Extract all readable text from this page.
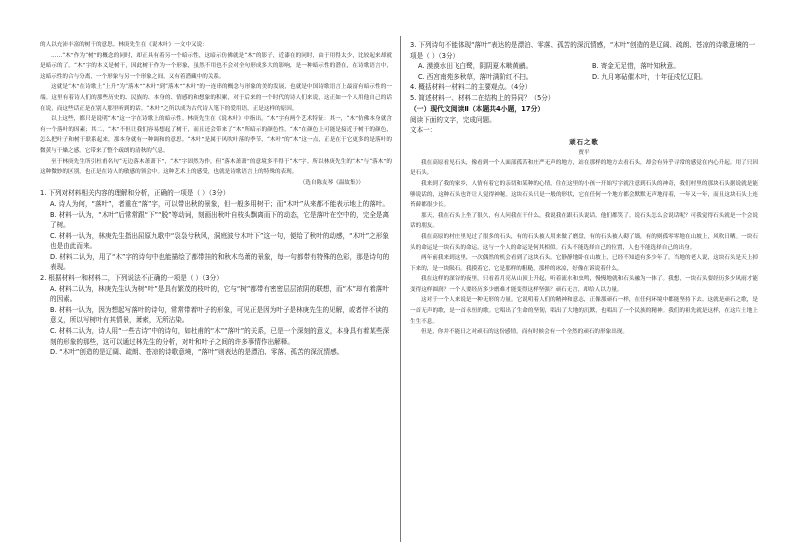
的人以充沛丰富的树干的意思。林庚先生在《说木叶》一文中又说：

……“木”作为“树”的概念的同时，却正具有着另一个暗示性，这暗示仿佛就是“木”的影子，近漆在的同时，由于用得太少，比较起来却就是暗示的了。“木”字的本义是树干，因此树干作为一个形象，虽然不用也不会对全句形成多大的影响，是一种暗示性的潜在，在诗歌语言中，这暗示性的合与分离，一个形象与另一个形象之间，又有着潜藏中的关系。

这就是“木”在诗歌上“上升”为“落木”“木叶”到“落木”“木叶”的一连串的概念与形象的美的发展，也就是中国诗歌语言上最富有暗示性的一端。这里有着诗人们的那些历史的、民族的、本身的、情感的和想象的积累，对于后来的一个时代的诗人们来说，这正如一个人用他自己的话在说，而这些话正是在别人那里听到的话。“木叶”之所以成为古代诗人笔下的爱用语，正是这样的原因。

以上这些，都只是说明“木”这一字在诗歌上的暗示性。林庚先生在《说木叶》中指出，“木”字有两个艺术特征：其一，“木”仿佛本身就含有一个落叶的因素；其二，“木”不但让我们容易想起了树干，而且还会带来了“木”所暗示的颜色性。“木”在颜色上可能是接近于树干的颜色，怎么把叶子和树干联系起来，那本身就有一种调和的意思。“木叶”是属于风吹叶落的季节，“木叶”的“木”这一点，正是在于它更多的是落叶的微黄与干燥之感，它带来了整个疏朗的清秋的气息。

至于林庚先生所引杜甫名句“无边落木萧萧下”，“木”字固然为作，但“落木萧萧”的意境多半得于“木”字。所以林庚先生的“木”与“落木”的这种微妙的区别，也正是在诗人的敏感的领会中。这种艺术上的感受，也就是诗歌语言上的特殊的表现。

（选自陈友琴《温故集》）

1. 下列对材料相关内容的理解和分析，正确的一项是（ ）（3分）

A. 诗人为何，“落叶”，者重在“落”字，可以带出秋的景象，但一般多用树干；而“木叶”从来都不能表示地上的落叶。

B. 材料一认为，“木叶”后常常跟“下”“脱”等动词，刻画出秋叶自枝头飘离而下的动态，它是落叶在空中的，完全是离了树。

C. 材料一认为，林庚先生指出屈原九歌中“袅袅兮秋风，洞庭波兮木叶下”这一句，便给了秋叶的动感，“木叶”之形象也是由此而来。

D. 材料二认为，用了“木”字的诗句中也能描绘了都带挂的和秋木鸟萧的景象，每一句都带有特殊的色彩，那是诗句的表现。

2. 根据材料一和材料二，下列说法不正确的一项是（ ）（3分）

A. 材料二认为，林庚先生认为树“叶”是具有繁茂的枝叶的，它与“树”都带有密密层层浓阴的联想，而“木”却有着落叶的因素。

B. 材料一认为，因为想起写落叶的诗句，常常带着叶子的形象，可见正是因为叶子是林庚先生的见解，或者伴不读的意义，所以写树叶有其情景，萧索，无所沾染。

C. 材料二认为，诗人用“一些古诗”中的诗句，如杜甫的“木”“落叶”的关系，已是一个深刻的意义，本身具有着某些深刻的形象的那些，这可以通过林先生的分析，对叶和叶子之间的许多事情作出解释。

D. “木叶”创造的是辽阔、疏朗、苍凉的诗歌意境，“落叶”则表达的是漂泊、零落、孤苦的深沉情感。

3. 下列诗句不能体现“落叶”表达的是漂泊、零落、孤苦的深沉情感，“木叶”创造的是辽阔、疏朗、苍凉的诗歌意境的一项是（ ）（3分）

A. 漠漠水田飞白鹭，阴阴夏木啭黄鹂。	B. 寄金无足惜，落叶知秋意。

C. 西宫南苑多秋草，落叶满阶红不扫。	D. 九月寒砧催木叶，十年征戍忆辽阳。

4. 概括材料一材料二的主要观点。（4分）

5. 简述材料一、材料二在结构上的异同？（5分）

（一）现代文阅读Ⅱ（本题共4小题，17分）

阅读下面的文字，完成问题。

文本一：

顽石之歌

贾平

我在高原看见石头，像看到一个人面部孤苦和庄严无声的地方，站在那样的地方去看石头，却会有异乎寻常的感觉在内心升起。用了只因是石头。

我来到了我的家乡，人情有着它的亲切和某种的心情，住在这里的小孩一开始写字就注意到石头的神奇，我们村里的那块石头据说就是能够说话的，这种石头也许让人觉得神秘。这块石头只是一般的形状，它在任何一个地方都会默默无声地待着，一年又一年，而且这块石头上连苔藓都很少长。

那天，我在石头上坐了很久，有人问我在干什么，我说我在跟石头说话。他们都笑了。说石头怎么会说话呢？可我觉得石头就是一个会说话的朋友。

我在高原的村庄里见过了很多的石头，有的石头被人用来做了磨盘，有的石头被人砌了墙，有的则孤零零地在山坡上，风吹日晒。一块石头的命运是一块石头的命运，这与一个人的命运是何其相似。石头不能选择自己的位置，人也不能选择自己的出身。

两年前我来到这里，一次偶然的机会看到了这块石头。它静静地卧在山坡上，已经不知道有多少年了。当地的老人说，这块石头是天上掉下来的，是一块陨石。我摸着它，它是那样的粗糙，那样的冰凉，好像在诉说着什么。

我在这样的深谷的夜里，只看着月亮从山顶上升起，听着流水和虫鸣，慢慢地就和石头融为一体了。我想，一块石头要经历多少风雨才能变得这样圆润？一个人要经历多少磨难才能变得这样坚强？顽石无言，却给人以力量。

这对于一个人来说是一种无形的力量。它说明着人们的精神和意志，正像那顽石一样，在任何环境中都能坚持下去。这就是顽石之歌，是一首无声的歌，是一首永恒的歌。它唱出了生命的坚韧，唱出了大地的沉默，也唱出了一个民族的精神。我们的祖先就是这样，在这片土地上生生不息。

但是，你并不能日之对顽石的这份感情，而有时候会有一个全然的顽石的形象出现。
